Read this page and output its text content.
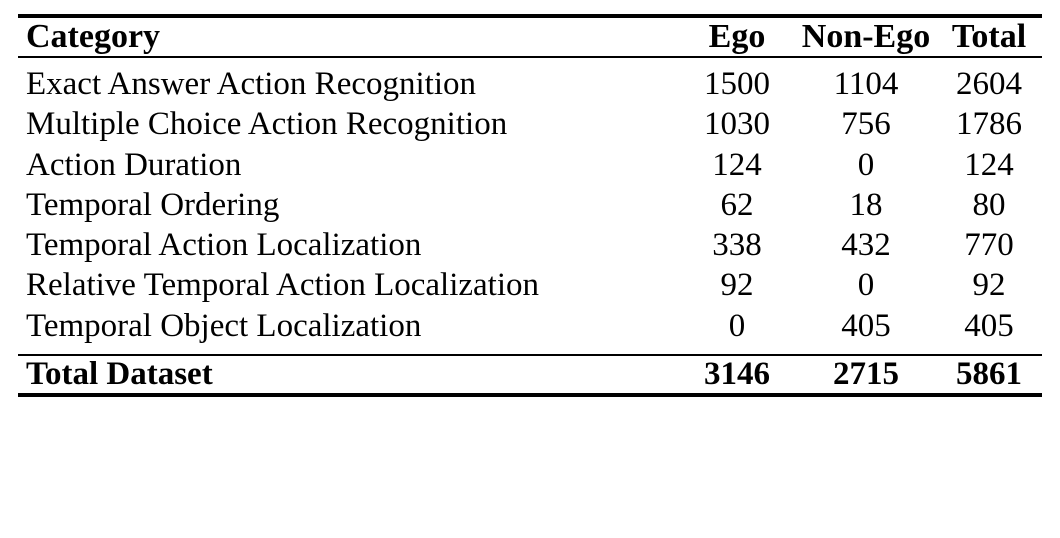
Category	Ego	Non-Ego	Total

Exact Answer Action Recognition	1500	1104	2604
Multiple Choice Action Recognition	1030	756	1786
Action Duration	124	0	124
Temporal Ordering	62	18	80
Temporal Action Localization	338	432	770
Relative Temporal Action Localization	92	0	92
Temporal Object Localization	0	405	405

Total Dataset	3146	2715	5861
